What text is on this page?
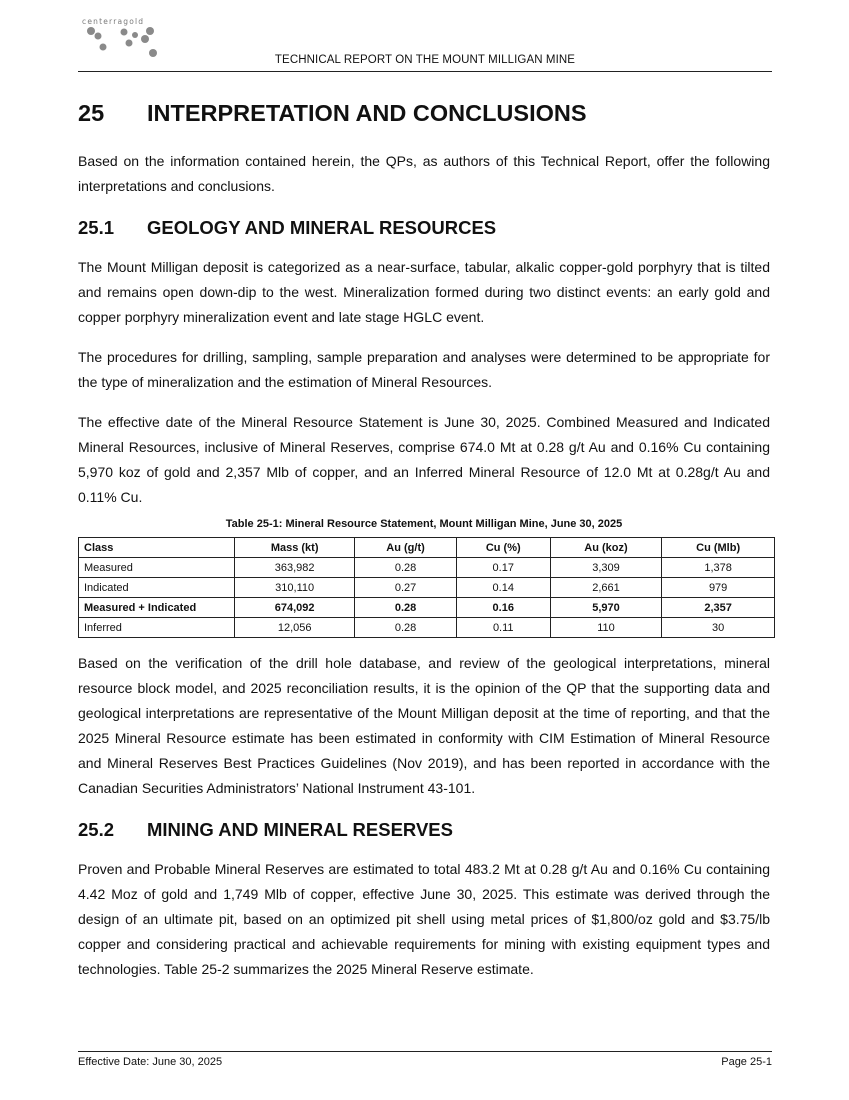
centerragold
TECHNICAL REPORT ON THE MOUNT MILLIGAN MINE
25	INTERPRETATION AND CONCLUSIONS

Based on the information contained herein, the QPs, as authors of this Technical Report, offer the following interpretations and conclusions.

25.1	GEOLOGY AND MINERAL RESOURCES

The Mount Milligan deposit is categorized as a near-surface, tabular, alkalic copper-gold porphyry that is tilted and remains open down-dip to the west. Mineralization formed during two distinct events: an early gold and copper porphyry mineralization event and late stage HGLC event.

The procedures for drilling, sampling, sample preparation and analyses were determined to be appropriate for the type of mineralization and the estimation of Mineral Resources.

The effective date of the Mineral Resource Statement is June 30, 2025. Combined Measured and Indicated Mineral Resources, inclusive of Mineral Reserves, comprise 674.0 Mt at 0.28 g/t Au and 0.16% Cu containing 5,970 koz of gold and 2,357 Mlb of copper, and an Inferred Mineral Resource of 12.0 Mt at 0.28g/t Au and 0.11% Cu.

Table 25-1: Mineral Resource Statement, Mount Milligan Mine, June 30, 2025
Class	Mass (kt)	Au (g/t)	Cu (%)	Au (koz)	Cu (Mlb)
Measured	363,982	0.28	0.17	3,309	1,378
Indicated	310,110	0.27	0.14	2,661	979
Measured + Indicated	674,092	0.28	0.16	5,970	2,357
Inferred	12,056	0.28	0.11	110	30

Based on the verification of the drill hole database, and review of the geological interpretations, mineral resource block model, and 2025 reconciliation results, it is the opinion of the QP that the supporting data and geological interpretations are representative of the Mount Milligan deposit at the time of reporting, and that the 2025 Mineral Resource estimate has been estimated in conformity with CIM Estimation of Mineral Resource and Mineral Reserves Best Practices Guidelines (Nov 2019), and has been reported in accordance with the Canadian Securities Administrators’ National Instrument 43-101.

25.2	MINING AND MINERAL RESERVES

Proven and Probable Mineral Reserves are estimated to total 483.2 Mt at 0.28 g/t Au and 0.16% Cu containing 4.42 Moz of gold and 1,749 Mlb of copper, effective June 30, 2025. This estimate was derived through the design of an ultimate pit, based on an optimized pit shell using metal prices of $1,800/oz gold and $3.75/lb copper and considering practical and achievable requirements for mining with existing equipment types and technologies. Table 25-2 summarizes the 2025 Mineral Reserve estimate.

Effective Date: June 30, 2025	Page 25-1
